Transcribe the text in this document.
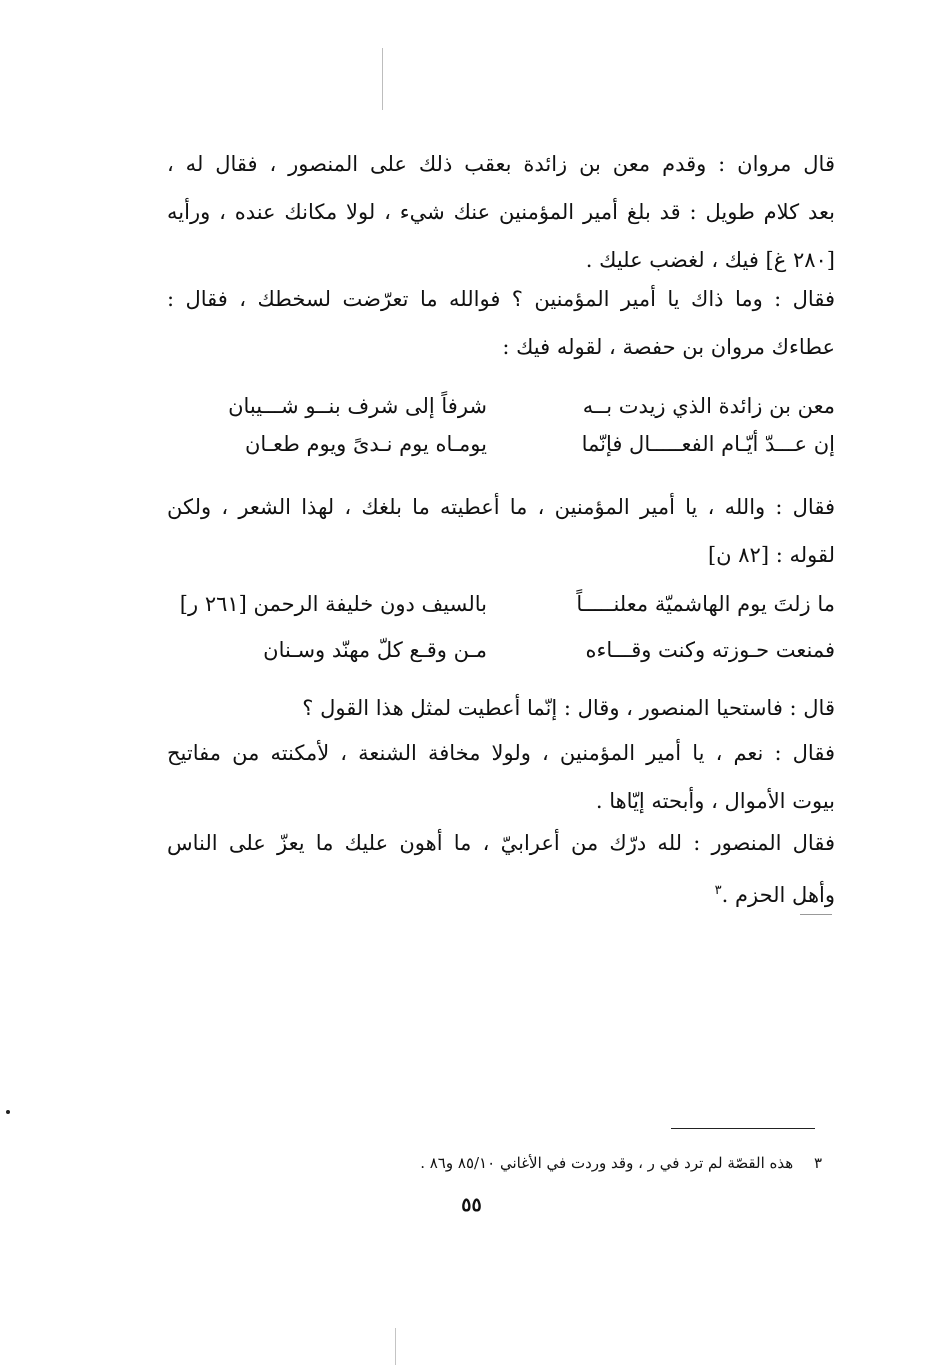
قال مروان : وقدم معن بن زائدة بعقب ذلك على المنصور ، فقال له ،
بعد كلام طويل : قد بلغ أمير المؤمنين عنك شيء ، لولا مكانك عنده ، ورأيه
[٢٨٠ غ] فيك ، لغضب عليك .

فقال : وما ذاك يا أمير المؤمنين ؟ فوالله ما تعرّضت لسخطك ، فقال :
عطاءك مروان بن حفصة ، لقوله فيك :

معن بن زائدة الذي زيدت بــه
شرفاً إلى شرف بنــو شـــيبان
إن عـــدّ أيّـام الفعـــــال فإنّما
يومـاه يوم نـدىً ويوم طعـان

فقال : والله ، يا أمير المؤمنين ، ما أعطيته ما بلغك ، لهذا الشعر ، ولكن
لقوله : [٨٢ ن]

ما زلتَ يوم الهاشميّة معلنـــــاً
بالسيف دون خليفة الرحمن [٢٦١ ر]
فمنعت حـوزته وكنت وقـــاءه
مـن وقـع كلّ مهنّد وسـنان

قال : فاستحيا المنصور ، وقال : إنّما أعطيت لمثل هذا القول ؟

فقال : نعم ، يا أمير المؤمنين ، ولولا مخافة الشنعة ، لأمكنته من مفاتيح
بيوت الأموال ، وأبحته إيّاها .

فقال المنصور : لله درّك من أعرابيّ ، ما أهون عليك ما يعزّ على الناس
وأهل الحزم .$^٣$

٣ هذه القصّة لم ترد في ر ، وقد وردت في الأغاني ٨٥/١٠ و٨٦ .
٥٥
